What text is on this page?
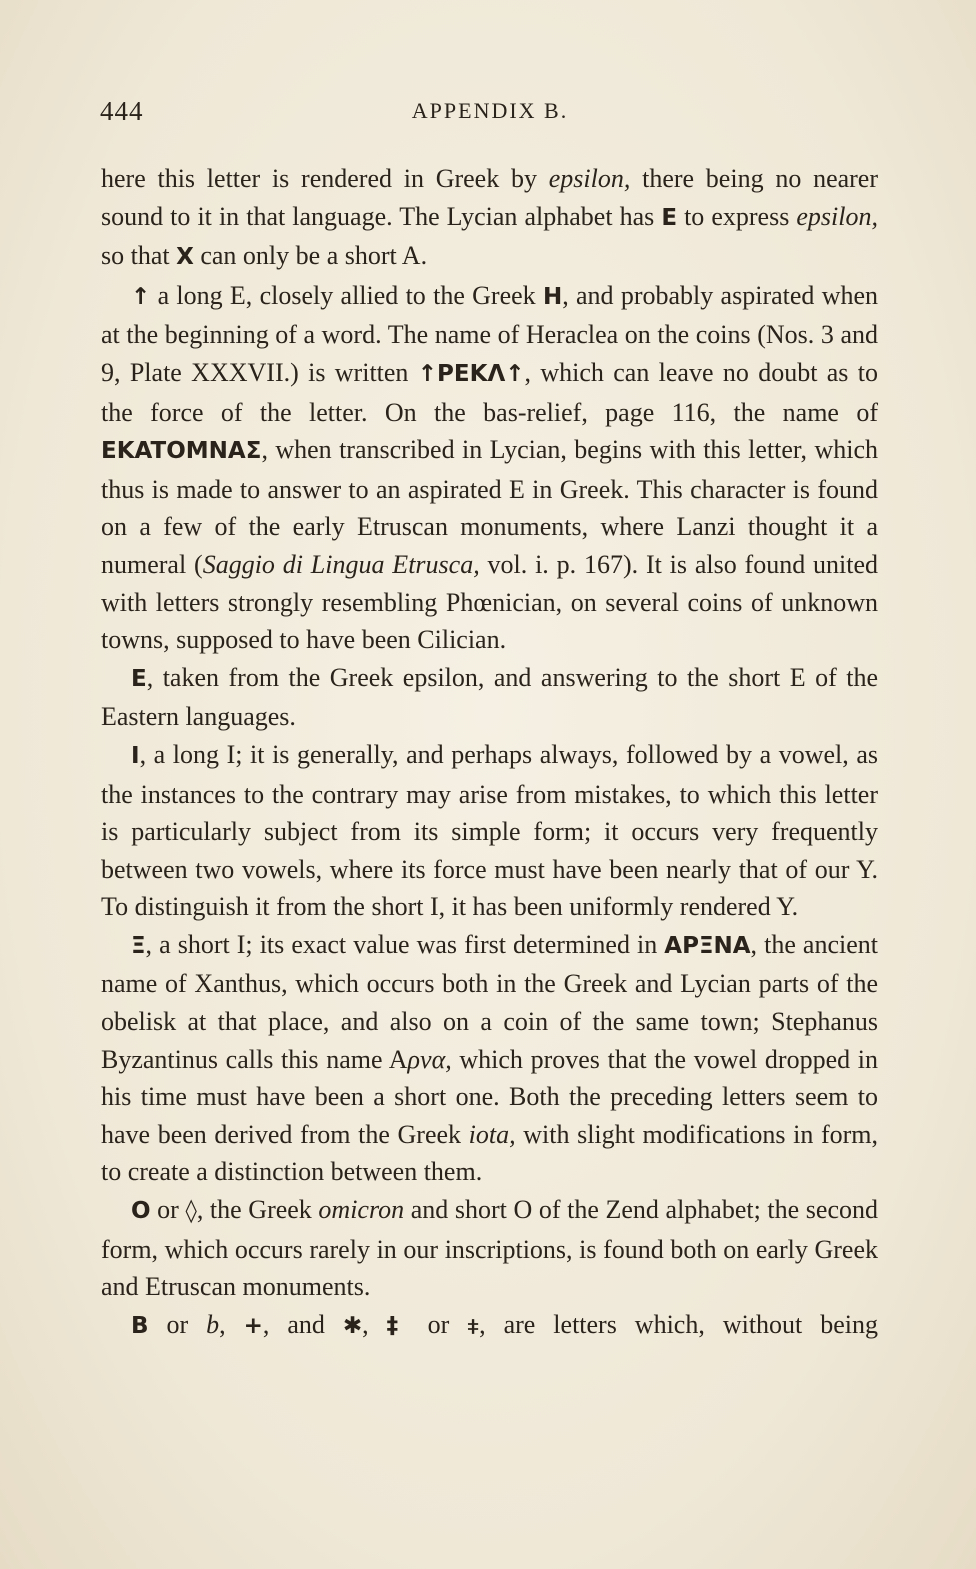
444	APPENDIX B.

here this letter is rendered in Greek by epsilon, there being no nearer sound to it in that language. The Lycian alphabet has E to express epsilon, so that X can only be a short A.

↑ a long E, closely allied to the Greek H, and probably aspirated when at the beginning of a word. The name of Heraclea on the coins (Nos. 3 and 9, Plate XXXVII.) is written ↑PEKΛ↑, which can leave no doubt as to the force of the letter. On the bas-relief, page 116, the name of EKATOMNAΣ, when transcribed in Lycian, begins with this letter, which thus is made to answer to an aspirated E in Greek. This character is found on a few of the early Etruscan monuments, where Lanzi thought it a numeral (Saggio di Lingua Etrusca, vol. i. p. 167). It is also found united with letters strongly resembling Phœnician, on several coins of unknown towns, supposed to have been Cilician.

E, taken from the Greek epsilon, and answering to the short E of the Eastern languages.

I, a long I; it is generally, and perhaps always, followed by a vowel, as the instances to the contrary may arise from mistakes, to which this letter is particularly subject from its simple form; it occurs very frequently between two vowels, where its force must have been nearly that of our Y. To distinguish it from the short I, it has been uniformly rendered Y.

Ξ, a short I; its exact value was first determined in APΞNA, the ancient name of Xanthus, which occurs both in the Greek and Lycian parts of the obelisk at that place, and also on a coin of the same town; Stephanus Byzantinus calls this name Aρνα, which proves that the vowel dropped in his time must have been a short one. Both the preceding letters seem to have been derived from the Greek iota, with slight modifications in form, to create a distinction between them.

O or ◊, the Greek omicron and short O of the Zend alphabet; the second form, which occurs rarely in our inscriptions, is found both on early Greek and Etruscan monuments.

B or b, +, and ✱, ‡ or ⧧, are letters which, without being
